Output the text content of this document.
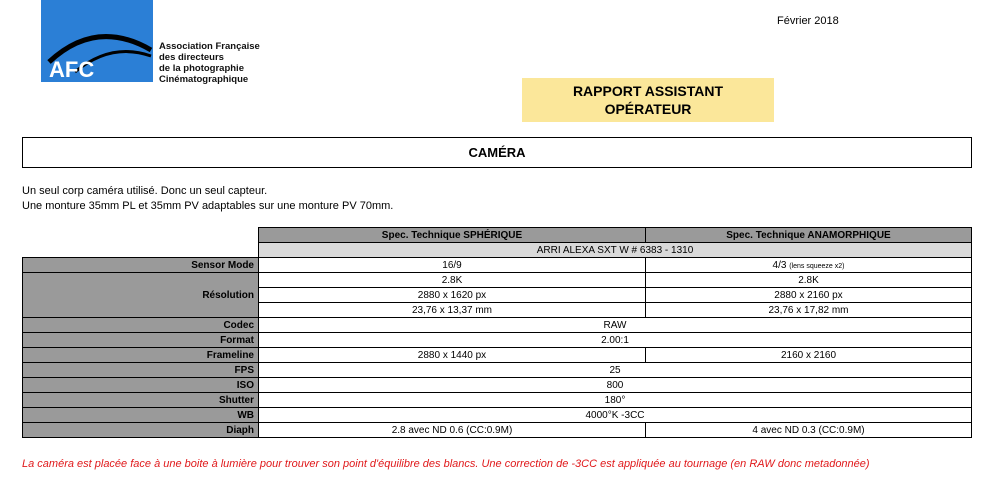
AFC
Association Française
des directeurs
de la photographie
Cinématographique
Février 2018
RAPPORT ASSISTANT
OPÉRATEUR
CAMÉRA
Un seul corp caméra utilisé. Donc un seul capteur.
Une monture 35mm PL et 35mm PV adaptables sur une monture PV 70mm.
	Spec. Technique SPHÉRIQUE	Spec. Technique ANAMORPHIQUE
	ARRI ALEXA SXT W # 6383 - 1310	
Sensor Mode	16/9	4/3 (lens squeeze x2)
Résolution	2.8K	2.8K
	2880 x 1620 px	2880 x 2160 px
	23,76 x 13,37 mm	23,76 x 17,82 mm
Codec	RAW	
Format	2.00:1	
Frameline	2880 x 1440 px	2160 x 2160
FPS	25	
ISO	800	
Shutter	180°	
WB	4000°K -3CC	
Diaph	2.8 avec ND 0.6 (CC:0.9M)	4 avec ND 0.3 (CC:0.9M)
La caméra est placée face à une boite à lumière pour trouver son point d'équilibre des blancs. Une correction de -3CC est appliquée au tournage (en RAW donc metadonnée)
